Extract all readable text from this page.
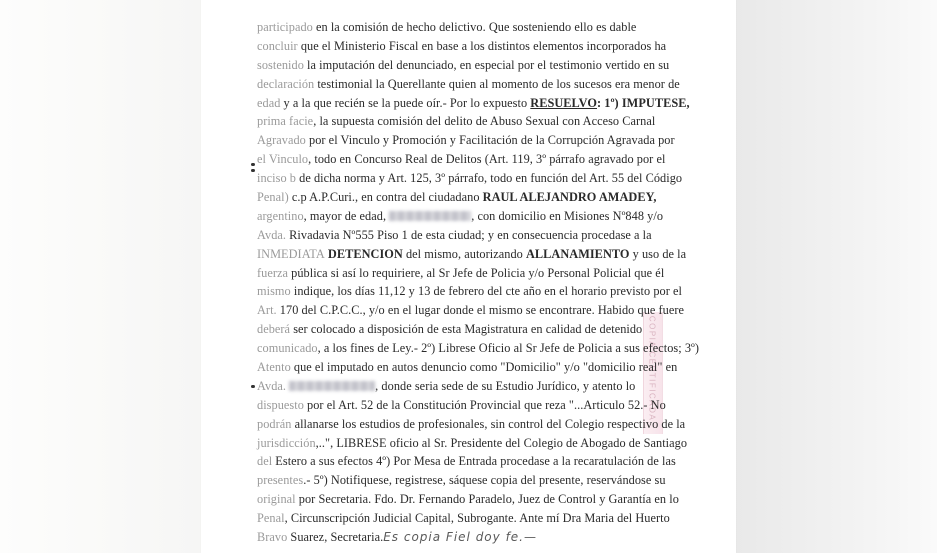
COPIA CERTIFICADA
participado en la comisión de hecho delictivo. Que sosteniendo ello es dable
concluir que el Ministerio Fiscal en base a los distintos elementos incorporados ha
sostenido la imputación del denunciado, en especial por el testimonio vertido en su
declaración testimonial la Querellante quien al momento de los sucesos era menor de
edad y a la que recién se la puede oír.- Por lo expuesto RESUELVO: 1º) IMPUTESE,
prima facie, la supuesta comisión del delito de Abuso Sexual con Acceso Carnal
Agravado por el Vinculo y Promoción y Facilitación de la Corrupción Agravada por
el Vinculo, todo en Concurso Real de Delitos (Art. 119, 3º párrafo agravado por el
inciso b de dicha norma y Art. 125, 3º párrafo, todo en función del Art. 55 del Código
Penal) c.p A.P.Curi., en contra del ciudadano RAUL ALEJANDRO AMADEY,
argentino, mayor de edad,	, con domicilio en Misiones Nº848 y/o
Avda. Rivadavia Nº555 Piso 1 de esta ciudad; y en consecuencia procedase a la
INMEDIATA DETENCION del mismo, autorizando ALLANAMIENTO y uso de la
fuerza pública si así lo requiriere, al Sr Jefe de Policia y/o Personal Policial que él
mismo indique, los días 11,12 y 13 de febrero del cte año en el horario previsto por el
Art. 170 del C.P.C.C., y/o en el lugar donde el mismo se encontrare. Habido que fuere
deberá ser colocado a disposición de esta Magistratura en calidad de detenido
comunicado, a los fines de Ley.- 2º) Librese Oficio al Sr Jefe de Policia a sus efectos; 3º)
Atento que el imputado en autos denuncio como "Domicilio" y/o "domicilio real" en
Avda.	, donde seria sede de su Estudio Jurídico, y atento lo
dispuesto por el Art. 52 de la Constitución Provincial que reza "...Articulo 52.- No
podrán allanarse los estudios de profesionales, sin control del Colegio respectivo de la
jurisdicción,..", LIBRESE oficio al Sr. Presidente del Colegio de Abogado de Santiago
del Estero a sus efectos 4º) Por Mesa de Entrada procedase a la recaratulación de las
presentes.- 5º) Notifiquese, registrese, sáquese copia del presente, reservándose su
original por Secretaria. Fdo. Dr. Fernando Paradelo, Juez de Control y Garantía en lo
Penal, Circunscripción Judicial Capital, Subrogante. Ante mí Dra Maria del Huerto
Bravo Suarez, Secretaria.Es copia Fiel doy fe.—
